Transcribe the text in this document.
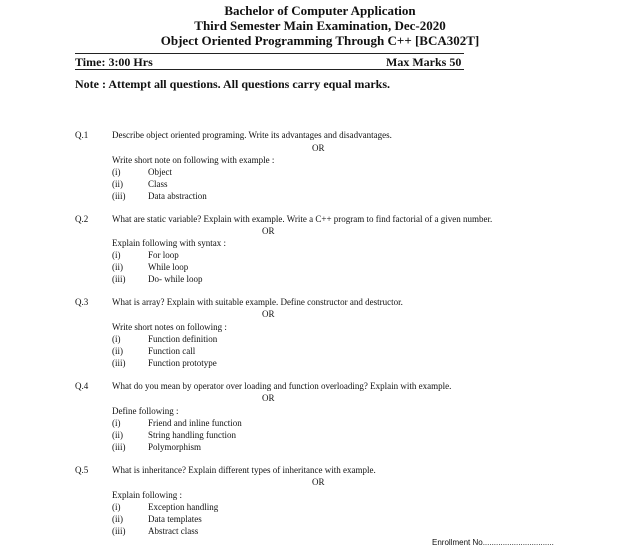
Bachelor of Computer Application
Third Semester Main Examination, Dec-2020
Object Oriented Programming Through C++ [BCA302T]
Time: 3:00 Hrs	Max Marks 50
Note : Attempt all questions. All questions carry equal marks.
Q.1	Describe object oriented programing. Write its advantages and disadvantages.
OR
Write short note on following with example :
(i)	Object
(ii)	Class
(iii)	Data abstraction
Q.2	What are static variable? Explain with example. Write a C++ program to find factorial of a given number.
OR
Explain following with syntax :
(i)	For loop
(ii)	While loop
(iii)	Do- while loop
Q.3	What is array? Explain with suitable example. Define constructor and destructor.
OR
Write short notes on following :
(i)	Function definition
(ii)	Function call
(iii)	Function prototype
Q.4	What do you mean by operator over loading and function overloading? Explain with example.
OR
Define following :
(i)	Friend and inline function
(ii)	String handling function
(iii)	Polymorphism
Q.5	What is inheritance? Explain different types of inheritance with example.
OR
Explain following :
(i)	Exception handling
(ii)	Data templates
(iii)	Abstract class
Enrollment No................................
